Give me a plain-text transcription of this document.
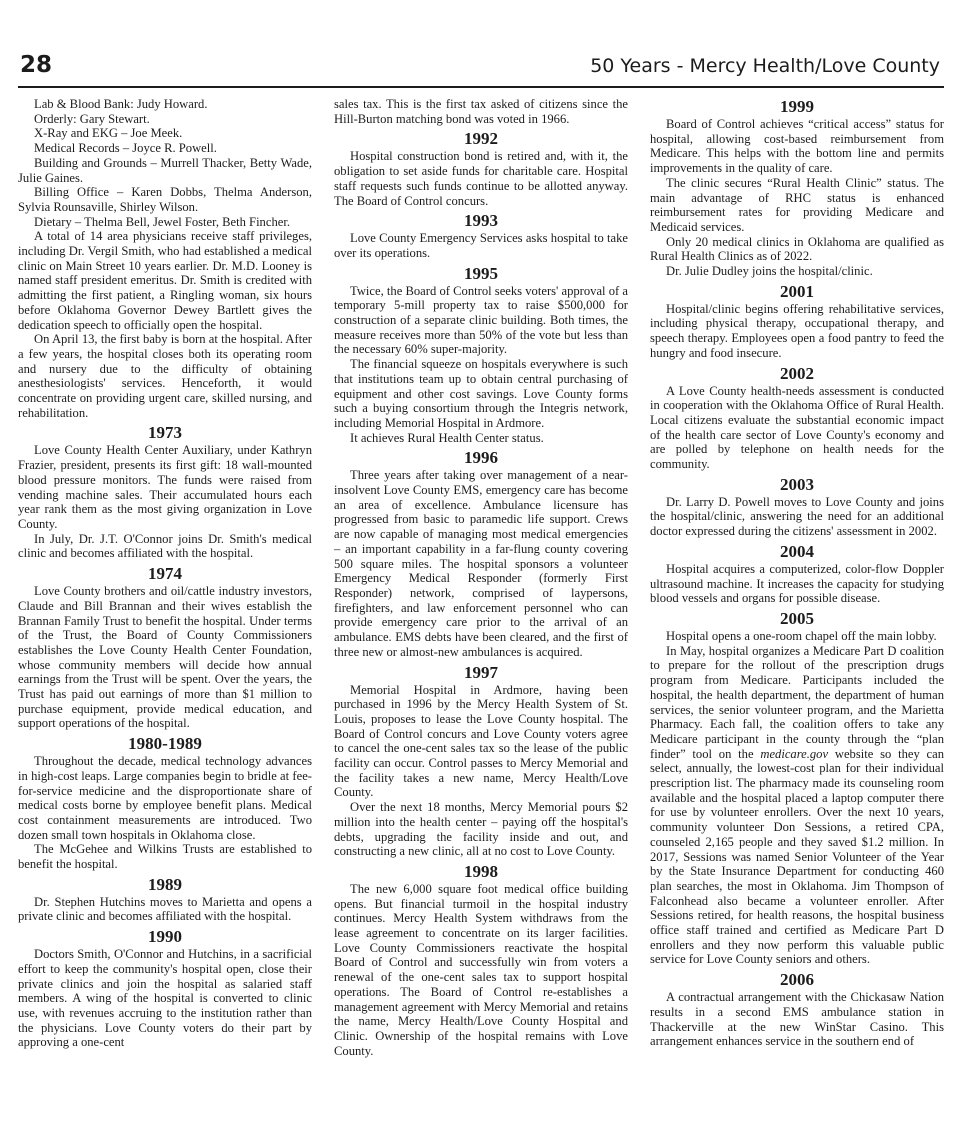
28	50 Years - Mercy Health/Love County

Lab & Blood Bank: Judy Howard.

Orderly: Gary Stewart.

X-Ray and EKG – Joe Meek.

Medical Records – Joyce R. Powell.

Building and Grounds – Murrell Thacker, Betty Wade, Julie Gaines.

Billing Office – Karen Dobbs, Thelma Anderson, Sylvia Rounsaville, Shirley Wilson.

Dietary – Thelma Bell, Jewel Foster, Beth Fincher.

A total of 14 area physicians receive staff privileges, including Dr. Vergil Smith, who had established a medical clinic on Main Street 10 years earlier. Dr. M.D. Looney is named staff president emeritus. Dr. Smith is credited with admitting the first patient, a Ringling woman, six hours before Oklahoma Governor Dewey Bartlett gives the dedication speech to officially open the hospital.

On April 13, the first baby is born at the hospital. After a few years, the hospital closes both its operating room and nursery due to the difficulty of obtaining anesthesiologists' services. Henceforth, it would concentrate on providing urgent care, skilled nursing, and rehabilitation.

1973

Love County Health Center Auxiliary, under Kathryn Frazier, president, presents its first gift: 18 wall-mounted blood pressure monitors. The funds were raised from vending machine sales. Their accumulated hours each year rank them as the most giving organization in Love County.

In July, Dr. J.T. O'Connor joins Dr. Smith's medical clinic and becomes affiliated with the hospital.

1974

Love County brothers and oil/cattle industry investors, Claude and Bill Brannan and their wives establish the Brannan Family Trust to benefit the hospital. Under terms of the Trust, the Board of County Commissioners establishes the Love County Health Center Foundation, whose community members will decide how annual earnings from the Trust will be spent. Over the years, the Trust has paid out earnings of more than $1 million to purchase equipment, provide medical education, and support operations of the hospital.

1980-1989

Throughout the decade, medical technology advances in high-cost leaps. Large companies begin to bridle at fee-for-service medicine and the disproportionate share of medical costs borne by employee benefit plans. Medical cost containment measurements are introduced. Two dozen small town hospitals in Oklahoma close.

The McGehee and Wilkins Trusts are established to benefit the hospital.

1989

Dr. Stephen Hutchins moves to Marietta and opens a private clinic and becomes affiliated with the hospital.

1990

Doctors Smith, O'Connor and Hutchins, in a sacrificial effort to keep the community's hospital open, close their private clinics and join the hospital as salaried staff members. A wing of the hospital is converted to clinic use, with revenues accruing to the institution rather than the physicians. Love County voters do their part by approving a one-cent

sales tax. This is the first tax asked of citizens since the Hill-Burton matching bond was voted in 1966.

1992

Hospital construction bond is retired and, with it, the obligation to set aside funds for charitable care. Hospital staff requests such funds continue to be allotted anyway. The Board of Control concurs.

1993

Love County Emergency Services asks hospital to take over its operations.

1995

Twice, the Board of Control seeks voters' approval of a temporary 5-mill property tax to raise $500,000 for construction of a separate clinic building. Both times, the measure receives more than 50% of the vote but less than the necessary 60% super-majority.

The financial squeeze on hospitals everywhere is such that institutions team up to obtain central purchasing of equipment and other cost savings. Love County forms such a buying consortium through the Integris network, including Memorial Hospital in Ardmore.

It achieves Rural Health Center status.

1996

Three years after taking over management of a near-insolvent Love County EMS, emergency care has become an area of excellence. Ambulance licensure has progressed from basic to paramedic life support. Crews are now capable of managing most medical emergencies – an important capability in a far-flung county covering 500 square miles. The hospital sponsors a volunteer Emergency Medical Responder (formerly First Responder) network, comprised of laypersons, firefighters, and law enforcement personnel who can provide emergency care prior to the arrival of an ambulance. EMS debts have been cleared, and the first of three new or almost-new ambulances is acquired.

1997

Memorial Hospital in Ardmore, having been purchased in 1996 by the Mercy Health System of St. Louis, proposes to lease the Love County hospital. The Board of Control concurs and Love County voters agree to cancel the one-cent sales tax so the lease of the public facility can occur. Control passes to Mercy Memorial and the facility takes a new name, Mercy Health/Love County.

Over the next 18 months, Mercy Memorial pours $2 million into the health center – paying off the hospital's debts, upgrading the facility inside and out, and constructing a new clinic, all at no cost to Love County.

1998

The new 6,000 square foot medical office building opens. But financial turmoil in the hospital industry continues. Mercy Health System withdraws from the lease agreement to concentrate on its larger facilities. Love County Commissioners reactivate the hospital Board of Control and successfully win from voters a renewal of the one-cent sales tax to support hospital operations. The Board of Control re-establishes a management agreement with Mercy Memorial and retains the name, Mercy Health/Love County Hospital and Clinic. Ownership of the hospital remains with Love County.

1999

Board of Control achieves “critical access” status for hospital, allowing cost-based reimbursement from Medicare. This helps with the bottom line and permits improvements in the quality of care.

The clinic secures “Rural Health Clinic” status. The main advantage of RHC status is enhanced reimbursement rates for providing Medicare and Medicaid services.

Only 20 medical clinics in Oklahoma are qualified as Rural Health Clinics as of 2022.

Dr. Julie Dudley joins the hospital/clinic.

2001

Hospital/clinic begins offering rehabilitative services, including physical therapy, occupational therapy, and speech therapy. Employees open a food pantry to feed the hungry and food insecure.

2002

A Love County health-needs assessment is conducted in cooperation with the Oklahoma Office of Rural Health. Local citizens evaluate the substantial economic impact of the health care sector of Love County's economy and are polled by telephone on health needs for the community.

2003

Dr. Larry D. Powell moves to Love County and joins the hospital/clinic, answering the need for an additional doctor expressed during the citizens' assessment in 2002.

2004

Hospital acquires a computerized, color-flow Doppler ultrasound machine. It increases the capacity for studying blood vessels and organs for possible disease.

2005

Hospital opens a one-room chapel off the main lobby.

In May, hospital organizes a Medicare Part D coalition to prepare for the rollout of the prescription drugs program from Medicare. Participants included the hospital, the health department, the department of human services, the senior volunteer program, and the Marietta Pharmacy. Each fall, the coalition offers to take any Medicare participant in the county through the “plan finder” tool on the medicare.gov website so they can select, annually, the lowest-cost plan for their individual prescription list. The pharmacy made its counseling room available and the hospital placed a laptop computer there for use by volunteer enrollers. Over the next 10 years, community volunteer Don Sessions, a retired CPA, counseled 2,165 people and they saved $1.2 million. In 2017, Sessions was named Senior Volunteer of the Year by the State Insurance Department for conducting 460 plan searches, the most in Oklahoma. Jim Thompson of Falconhead also became a volunteer enroller. After Sessions retired, for health reasons, the hospital business office staff trained and certified as Medicare Part D enrollers and they now perform this valuable public service for Love County seniors and others.

2006

A contractual arrangement with the Chickasaw Nation results in a second EMS ambulance station in Thackerville at the new WinStar Casino. This arrangement enhances service in the southern end of
